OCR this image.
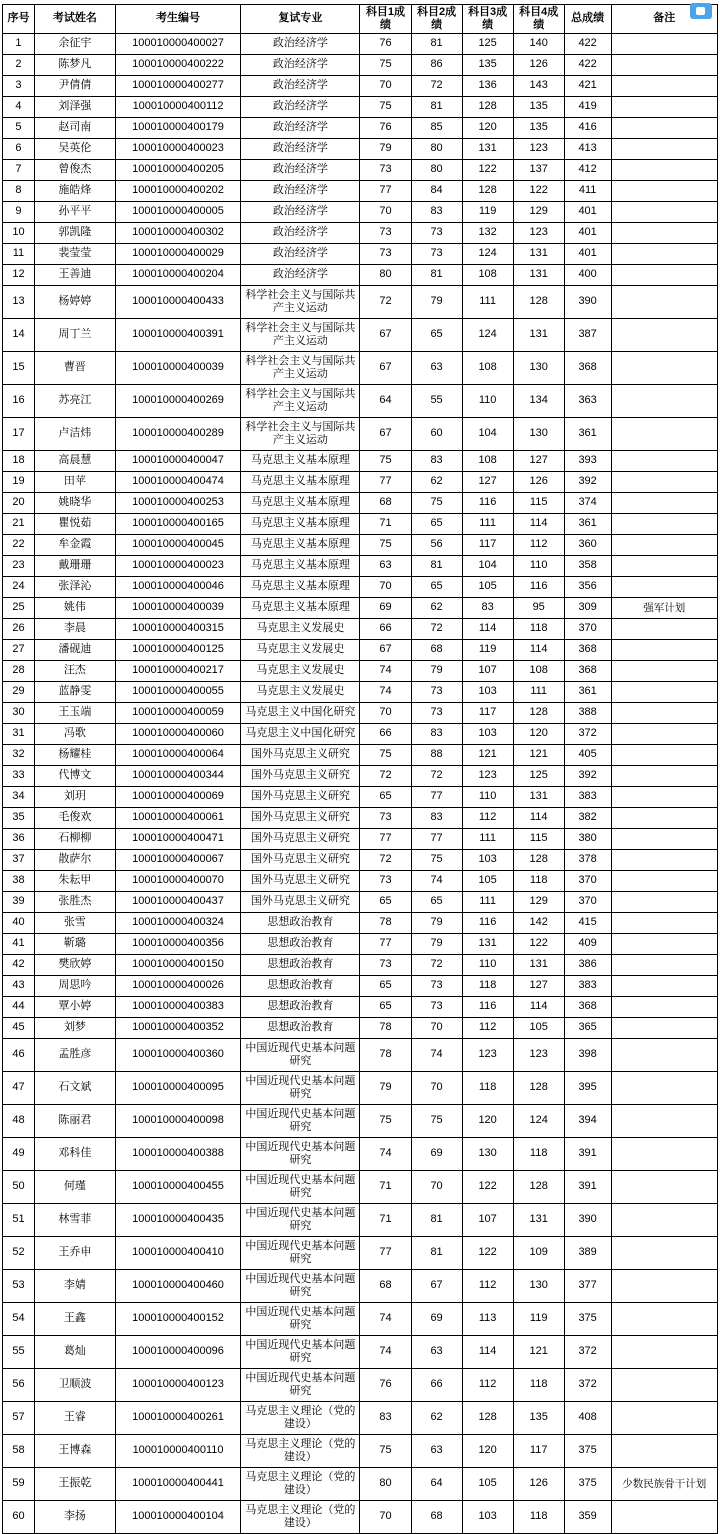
序号	考试姓名	考生编号	复试专业	科目1成绩	科目2成绩	科目3成绩	科目4成绩	总成绩	备注
1	余征宇	100010000400027	政治经济学	76	81	125	140	422	
2	陈梦凡	100010000400222	政治经济学	75	86	135	126	422	
3	尹倩倩	100010000400277	政治经济学	70	72	136	143	421	
4	刘泽强	100010000400112	政治经济学	75	81	128	135	419	
5	赵司南	100010000400179	政治经济学	76	85	120	135	416	
6	吴英伦	100010000400023	政治经济学	79	80	131	123	413	
7	曾俊杰	100010000400205	政治经济学	73	80	122	137	412	
8	施皓烽	100010000400202	政治经济学	77	84	128	122	411	
9	孙平平	100010000400005	政治经济学	70	83	119	129	401	
10	郭凯隆	100010000400302	政治经济学	73	73	132	123	401	
11	裴莹莹	100010000400029	政治经济学	73	73	124	131	401	
12	王善迪	100010000400204	政治经济学	80	81	108	131	400	
13	杨婷婷	100010000400433	科学社会主义与国际共产主义运动	72	79	111	128	390	
14	周丁兰	100010000400391	科学社会主义与国际共产主义运动	67	65	124	131	387	
15	曹晋	100010000400039	科学社会主义与国际共产主义运动	67	63	108	130	368	
16	苏亮江	100010000400269	科学社会主义与国际共产主义运动	64	55	110	134	363	
17	卢洁炜	100010000400289	科学社会主义与国际共产主义运动	67	60	104	130	361	
18	高晨慧	100010000400047	马克思主义基本原理	75	83	108	127	393	
19	田苹	100010000400474	马克思主义基本原理	77	62	127	126	392	
20	姚晓华	100010000400253	马克思主义基本原理	68	75	116	115	374	
21	瞿悦茹	100010000400165	马克思主义基本原理	71	65	111	114	361	
22	牟金霞	100010000400045	马克思主义基本原理	75	56	117	112	360	
23	戴珊珊	100010000400023	马克思主义基本原理	63	81	104	110	358	
24	张泽沁	100010000400046	马克思主义基本原理	70	65	105	116	356	
25	姚伟	100010000400039	马克思主义基本原理	69	62	83	95	309	强军计划
26	李晨	100010000400315	马克思主义发展史	66	72	114	118	370	
27	潘砚迪	100010000400125	马克思主义发展史	67	68	119	114	368	
28	汪杰	100010000400217	马克思主义发展史	74	79	107	108	368	
29	蓝静雯	100010000400055	马克思主义发展史	74	73	103	111	361	
30	王玉端	100010000400059	马克思主义中国化研究	70	73	117	128	388	
31	冯歌	100010000400060	马克思主义中国化研究	66	83	103	120	372	
32	杨耀桂	100010000400064	国外马克思主义研究	75	88	121	121	405	
33	代博文	100010000400344	国外马克思主义研究	72	72	123	125	392	
34	刘玥	100010000400069	国外马克思主义研究	65	77	110	131	383	
35	毛俊欢	100010000400061	国外马克思主义研究	73	83	112	114	382	
36	石柳柳	100010000400471	国外马克思主义研究	77	77	111	115	380	
37	散萨尔	100010000400067	国外马克思主义研究	72	75	103	128	378	
38	朱耘甲	100010000400070	国外马克思主义研究	73	74	105	118	370	
39	张胜杰	100010000400437	国外马克思主义研究	65	65	111	129	370	
40	张雪	100010000400324	思想政治教育	78	79	116	142	415	
41	靳璐	100010000400356	思想政治教育	77	79	131	122	409	
42	樊欣婷	100010000400150	思想政治教育	73	72	110	131	386	
43	周思吟	100010000400026	思想政治教育	65	73	118	127	383	
44	覃小婷	100010000400383	思想政治教育	65	73	116	114	368	
45	刘梦	100010000400352	思想政治教育	78	70	112	105	365	
46	孟胜彦	100010000400360	中国近现代史基本问题研究	78	74	123	123	398	
47	石文斌	100010000400095	中国近现代史基本问题研究	79	70	118	128	395	
48	陈丽君	100010000400098	中国近现代史基本问题研究	75	75	120	124	394	
49	邓科佳	100010000400388	中国近现代史基本问题研究	74	69	130	118	391	
50	何瑾	100010000400455	中国近现代史基本问题研究	71	70	122	128	391	
51	林雪菲	100010000400435	中国近现代史基本问题研究	71	81	107	131	390	
52	王乔申	100010000400410	中国近现代史基本问题研究	77	81	122	109	389	
53	李婧	100010000400460	中国近现代史基本问题研究	68	67	112	130	377	
54	王鑫	100010000400152	中国近现代史基本问题研究	74	69	113	119	375	
55	葛灿	100010000400096	中国近现代史基本问题研究	74	63	114	121	372	
56	卫顺波	100010000400123	中国近现代史基本问题研究	76	66	112	118	372	
57	王睿	100010000400261	马克思主义理论（党的建设）	83	62	128	135	408	
58	王博森	100010000400110	马克思主义理论（党的建设）	75	63	120	117	375	
59	王振乾	100010000400441	马克思主义理论（党的建设）	80	64	105	126	375	少数民族骨干计划
60	李扬	100010000400104	马克思主义理论（党的建设）	70	68	103	118	359	
